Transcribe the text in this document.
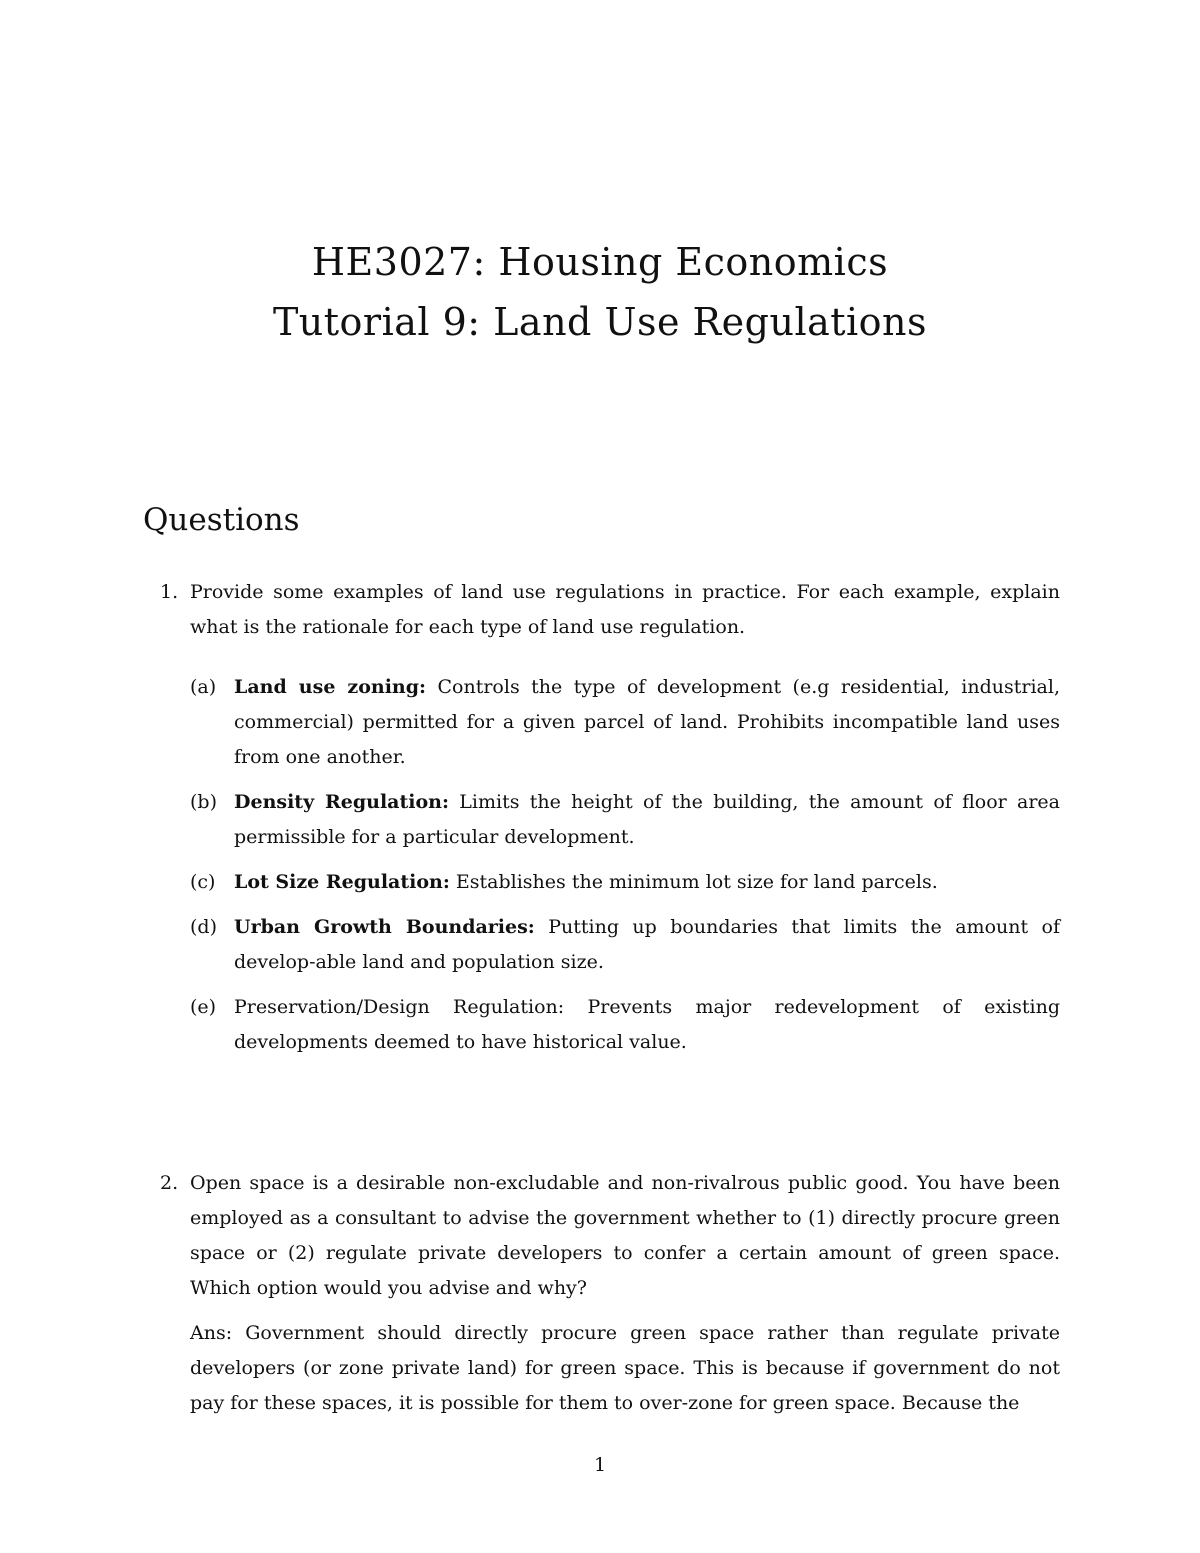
HE3027: Housing Economics
Tutorial 9: Land Use Regulations
Questions
1. Provide some examples of land use regulations in practice. For each example, explain what is the rationale for each type of land use regulation.
(a) Land use zoning: Controls the type of development (e.g residential, industrial, commercial) permitted for a given parcel of land. Prohibits incompatible land uses from one another.
(b) Density Regulation: Limits the height of the building, the amount of floor area permissible for a particular development.
(c) Lot Size Regulation: Establishes the minimum lot size for land parcels.
(d) Urban Growth Boundaries: Putting up boundaries that limits the amount of develop-able land and population size.
(e) Preservation/Design Regulation: Prevents major redevelopment of existing developments deemed to have historical value.
2. Open space is a desirable non-excludable and non-rivalrous public good. You have been employed as a consultant to advise the government whether to (1) directly procure green space or (2) regulate private developers to confer a certain amount of green space. Which option would you advise and why?
Ans: Government should directly procure green space rather than regulate private developers (or zone private land) for green space. This is because if government do not pay for these spaces, it is possible for them to over-zone for green space. Because the
1
